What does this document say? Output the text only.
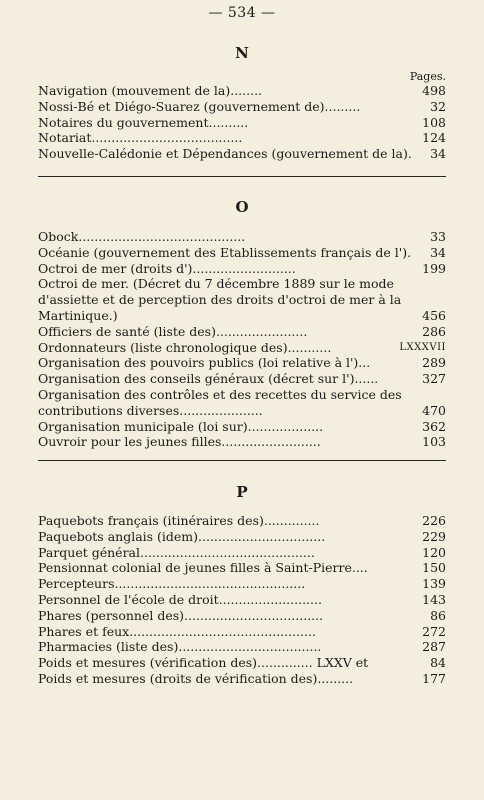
— 534 —
N
Pages.
Navigation (mouvement de la)........	498
Nossi-Bé et Diégo-Suarez (gouvernement de).........	32
Notaires du gouvernement..........	108
Notariat......................................	124
Nouvelle-Calédonie et Dépendances (gouvernement de la).	34
O
Obock..........................................	33
Océanie (gouvernement des Etablissements français de l').	34
Octroi de mer (droits d')..........................	199
Octroi de mer. (Décret du 7 décembre 1889 sur le mode d'assiette et de perception des droits d'octroi de mer à la Martinique.)	456
Officiers de santé (liste des).......................	286
Ordonnateurs (liste chronologique des)...........	LXXXVII
Organisation des pouvoirs publics (loi relative à l')...	289
Organisation des conseils généraux (décret sur l')......	327
Organisation des contrôles et des recettes du service des contributions diverses.....................	470
Organisation municipale (loi sur)...................	362
Ouvroir pour les jeunes filles.........................	103
P
Paquebots français (itinéraires des)..............	226
Paquebots anglais (idem)................................	229
Parquet général............................................	120
Pensionnat colonial de jeunes filles à Saint-Pierre....	150
Percepteurs................................................	139
Personnel de l'école de droit..........................	143
Phares (personnel des)...................................	86
Phares et feux...............................................	272
Pharmacies (liste des)....................................	287
Poids et mesures (vérification des).............. LXXV et	84
Poids et mesures (droits de vérification des).........	177
